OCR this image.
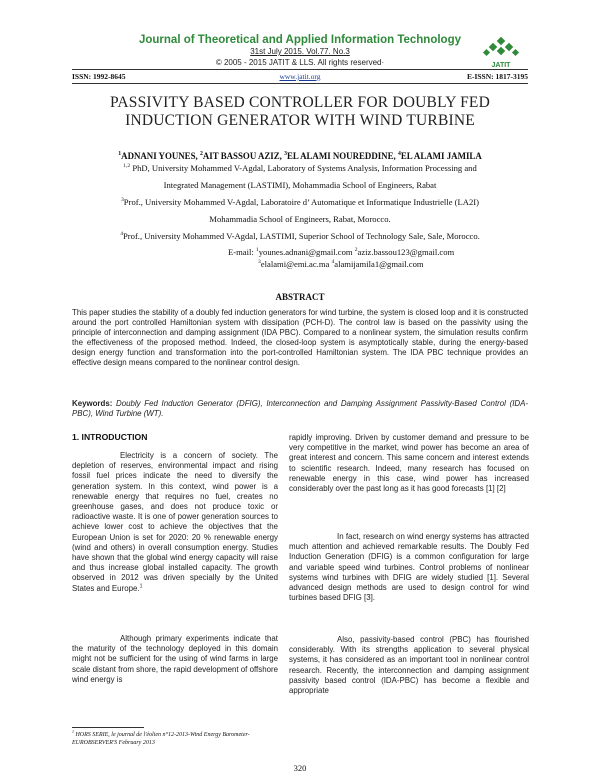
Journal of Theoretical and Applied Information Technology
31st July 2015. Vol.77. No.3
© 2005 - 2015 JATIT & LLS. All rights reserved·	JATIT
ISSN: 1992-8645	www.jatit.org	E-ISSN: 1817-3195
PASSIVITY BASED CONTROLLER FOR DOUBLY FED
INDUCTION GENERATOR WITH WIND TURBINE
$^1$ADNANI YOUNES, $^2$AIT BASSOU AZIZ, $^3$EL ALAMI NOUREDDINE, $^4$EL ALAMI JAMILA
$^{1,2}$ PhD, University Mohammed V-Agdal, Laboratory of Systems Analysis, Information Processing and
Integrated Management (LASTIMI), Mohammadia School of Engineers, Rabat
$^3$Prof., University Mohammed V-Agdal, Laboratoire d’ Automatique et Informatique Industrielle (LA2I)
Mohammadia School of Engineers, Rabat, Morocco.
$^4$Prof., University Mohammed V-Agdal, LASTIMI, Superior School of Technology Sale, Sale, Morocco.
E-mail: $^1$younes.adnani@gmail.com $^2$aziz.bassou123@gmail.com
$^3$elalami@emi.ac.ma $^4$alamijamila1@gmail.com
ABSTRACT
This paper studies the stability of a doubly fed induction generators for wind turbine, the system is closed loop and it is constructed around the port controlled Hamiltonian system with dissipation (PCH-D). The control law is based on the passivity using the principle of interconnection and damping assignment (IDA PBC). Compared to a nonlinear system, the simulation results confirm the effectiveness of the proposed method. Indeed, the closed-loop system is asymptotically stable, during the energy-based design energy function and transformation into the port-controlled Hamiltonian system. The IDA PBC technique provides an effective design means compared to the nonlinear control design.
Keywords: Doubly Fed Induction Generator (DFIG), Interconnection and Damping Assignment Passivity-Based Control (IDA-PBC), Wind Turbine (WT).
1. INTRODUCTION
Electricity is a concern of society. The depletion of reserves, environmental impact and rising fossil fuel prices indicate the need to diversify the generation system. In this context, wind power is a renewable energy that requires no fuel, creates no greenhouse gases, and does not produce toxic or radioactive waste. It is one of power generation sources to achieve lower cost to achieve the objectives that the European Union is set for 2020: 20 % renewable energy (wind and others) in overall consumption energy. Studies have shown that the global wind energy capacity will raise and thus increase global installed capacity. The growth observed in 2012 was driven specially by the United States and Europe.$^1$
Although primary experiments indicate that the maturity of the technology deployed in this domain might not be sufficient for the using of wind farms in large scale distant from shore, the rapid development of offshore wind energy is
rapidly improving. Driven by customer demand and pressure to be very competitive in the market, wind power has become an area of great interest and concern. This same concern and interest extends to scientific research. Indeed, many research has focused on renewable energy in this case, wind power has increased considerably over the past long as it has good forecasts [1] [2]
In fact, research on wind energy systems has attracted much attention and achieved remarkable results. The Doubly Fed Induction Generation (DFIG) is a common configuration for large and variable speed wind turbines. Control problems of nonlinear systems wind turbines with DFIG are widely studied [1]. Several advanced design methods are used to design control for wind turbines based DFIG [3].
Also, passivity-based control (PBC) has flourished considerably. With its strengths application to several physical systems, it has considered as an important tool in nonlinear control research. Recently, the interconnection and damping assignment passivity based control (IDA-PBC) has become a flexible and appropriate
$^1$ HORS SERIE, le journal de l'éolien n°12-2013-Wind Energy Barometer-EUROBSERVER'S February 2013
320
